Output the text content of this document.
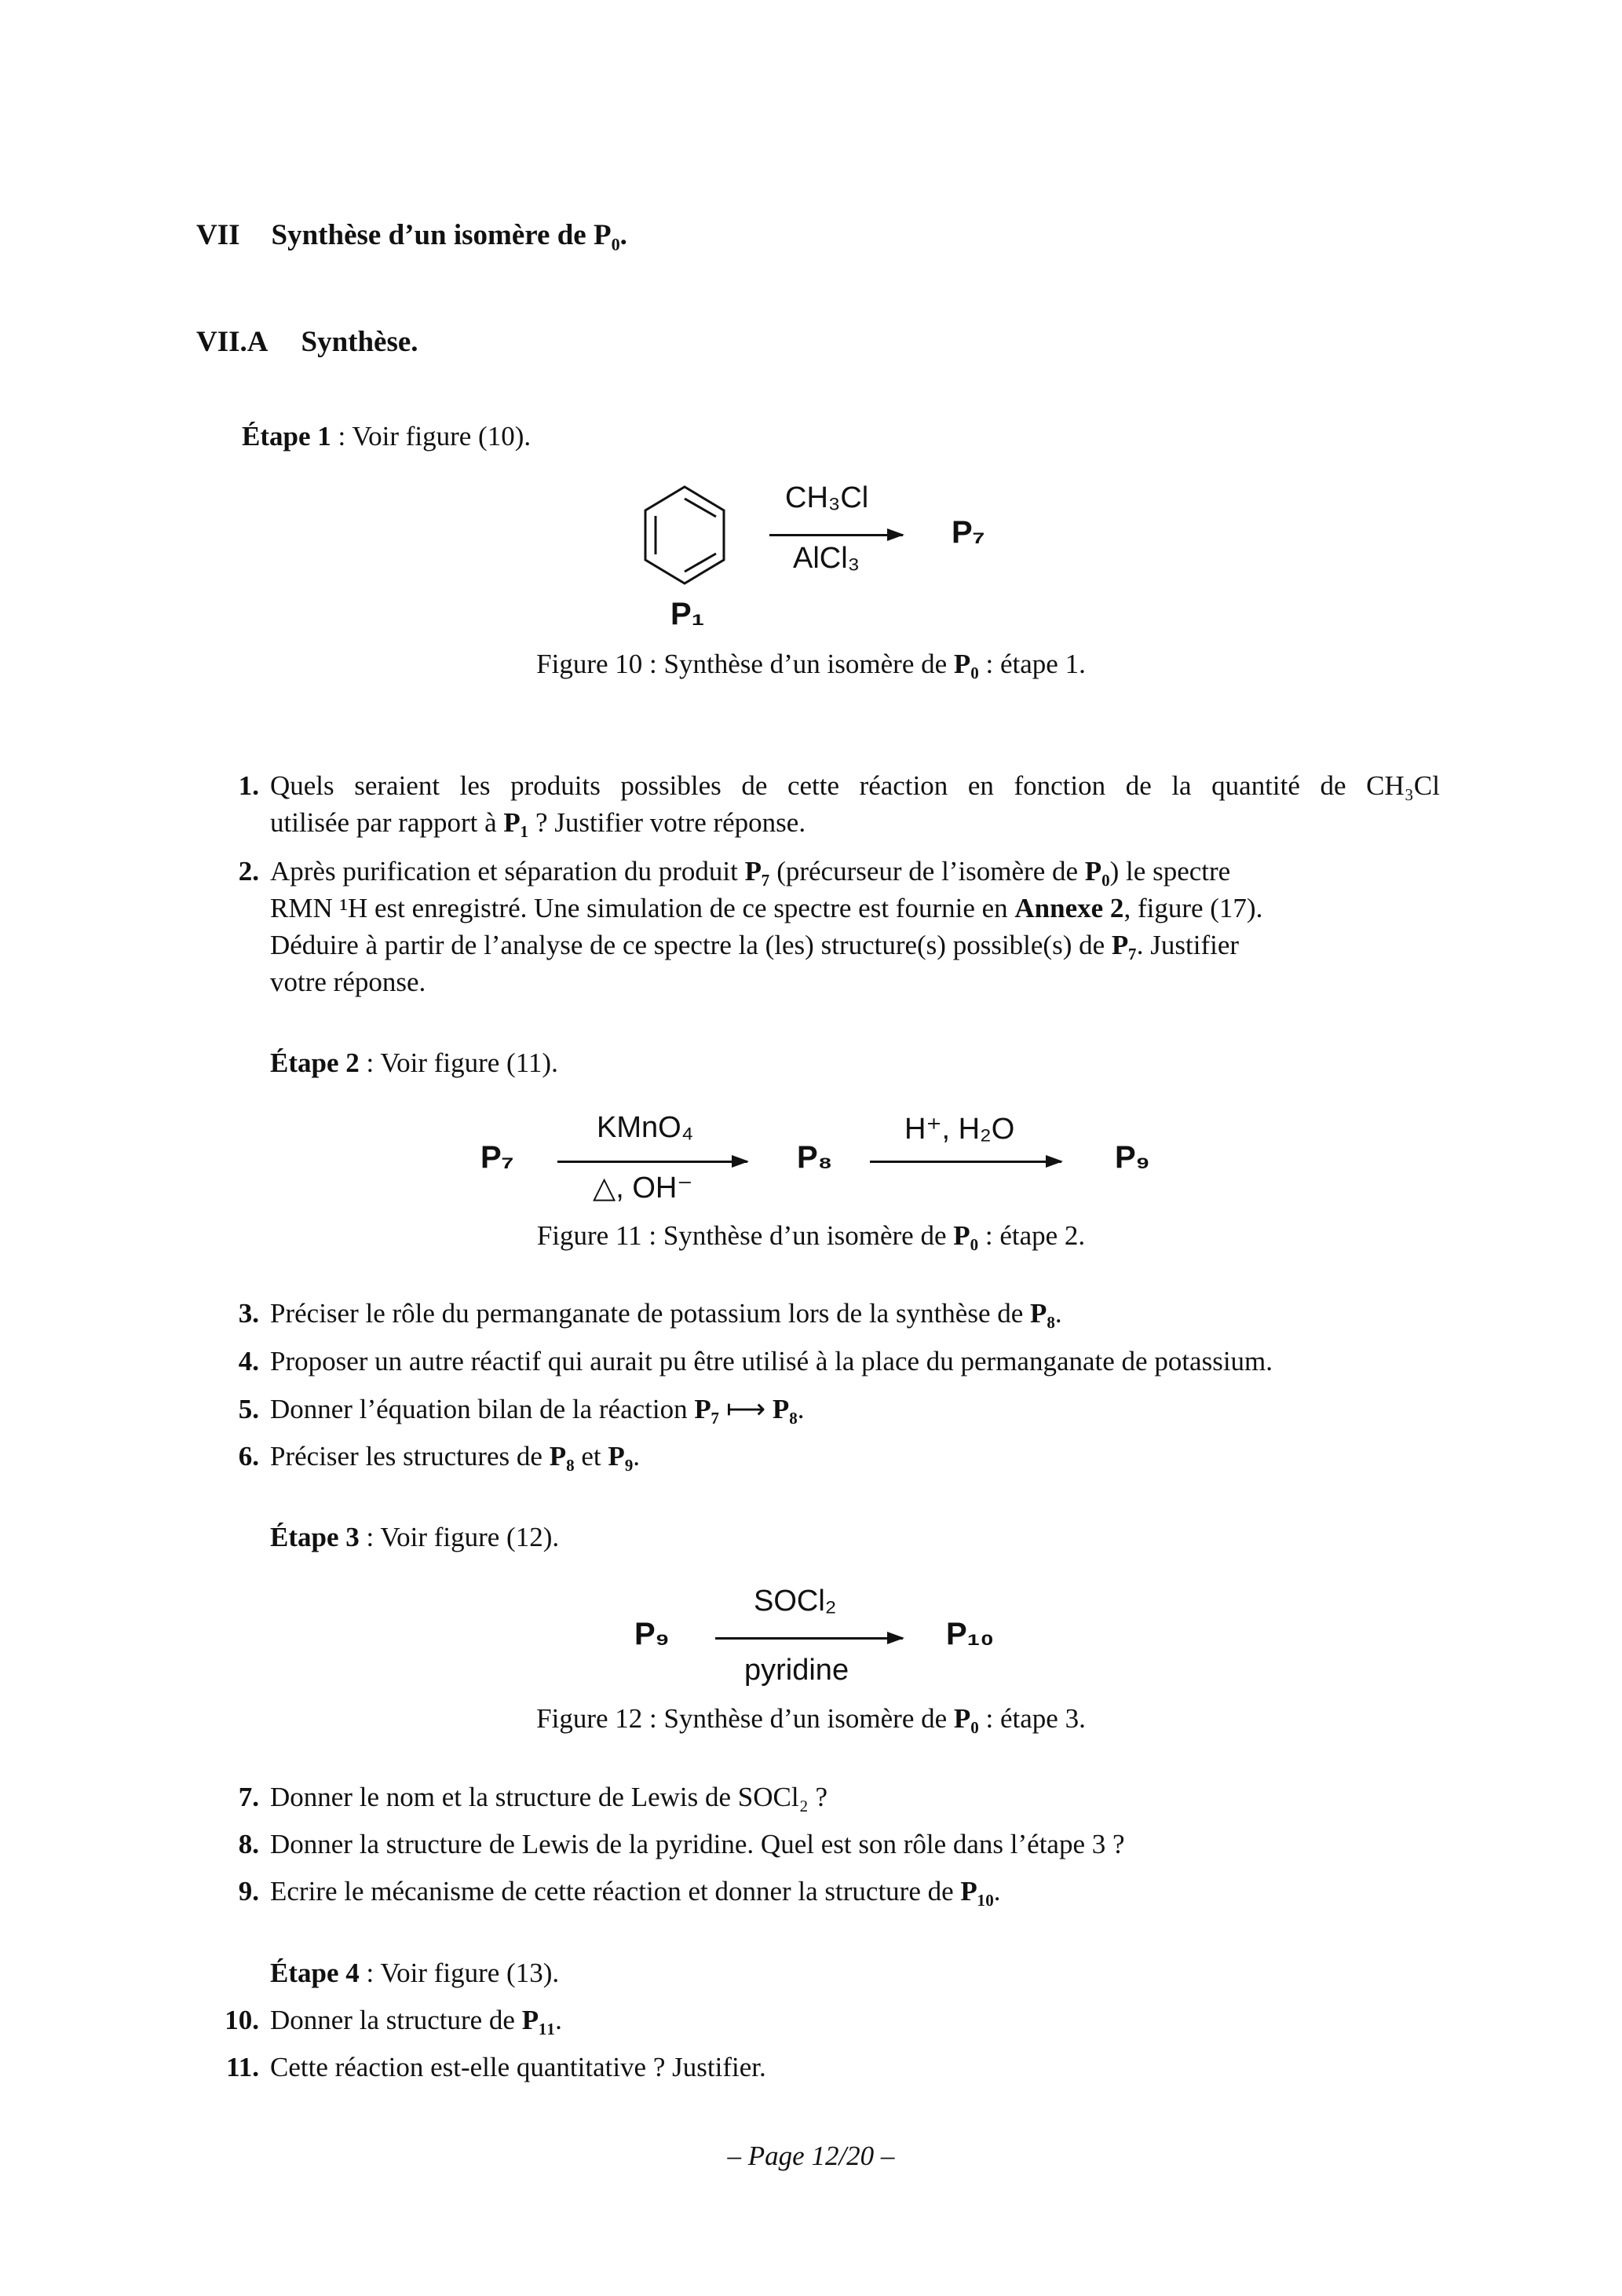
VII Synthèse d’un isomère de P₀.
VII.A Synthèse.
Étape 1 : Voir figure (10).
CH₃Cl
AlCl₃
P₇
P₁
Figure 10 : Synthèse d’un isomère de P₀ : étape 1.
1. Quels seraient les produits possibles de cette réaction en fonction de la quantité de CH₃Cl
utilisée par rapport à P₁ ? Justifier votre réponse.
2. Après purification et séparation du produit P₇ (précurseur de l’isomère de P₀) le spectre
RMN ¹H est enregistré. Une simulation de ce spectre est fournie en Annexe 2, figure (17).
Déduire à partir de l’analyse de ce spectre la (les) structure(s) possible(s) de P₇. Justifier
votre réponse.
Étape 2 : Voir figure (11).
P₇
KMnO₄
△, OH⁻
P₈
H⁺, H₂O
P₉
Figure 11 : Synthèse d’un isomère de P₀ : étape 2.
3. Préciser le rôle du permanganate de potassium lors de la synthèse de P₈.
4. Proposer un autre réactif qui aurait pu être utilisé à la place du permanganate de potassium.
5. Donner l’équation bilan de la réaction P₇ ⟼ P₈.
6. Préciser les structures de P₈ et P₉.
Étape 3 : Voir figure (12).
P₉
SOCl₂
pyridine
P₁₀
Figure 12 : Synthèse d’un isomère de P₀ : étape 3.
7. Donner le nom et la structure de Lewis de SOCl₂ ?
8. Donner la structure de Lewis de la pyridine. Quel est son rôle dans l’étape 3 ?
9. Ecrire le mécanisme de cette réaction et donner la structure de P₁₀.
Étape 4 : Voir figure (13).
10. Donner la structure de P₁₁.
11. Cette réaction est-elle quantitative ? Justifier.
– Page 12/20 –
